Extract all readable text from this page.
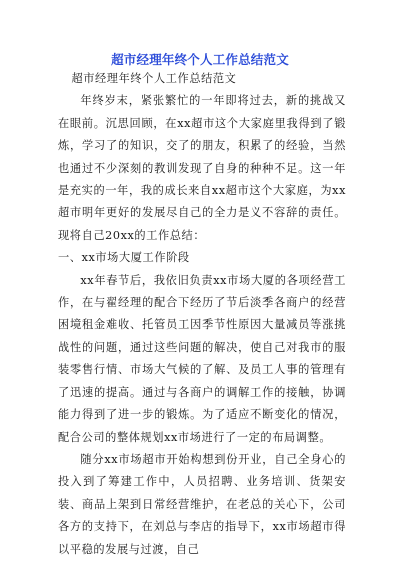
超市经理年终个人工作总结范文

超市经理年终个人工作总结范文

年终岁末，紧张繁忙的一年即将过去，新的挑战又在眼前。沉思回顾，在xx超市这个大家庭里我得到了锻炼，学习了的知识，交了的朋友，积累了的经验，当然也通过不少深刻的教训发现了自身的种种不足。这一年是充实的一年，我的成长来自xx超市这个大家庭，为xx超市明年更好的发展尽自己的全力是义不容辞的责任。现将自己20xx的工作总结：

一、xx市场大厦工作阶段

xx年春节后，我依旧负责xx市场大厦的各项经营工作，在与翟经理的配合下经历了节后淡季各商户的经营困境租金难收、托管员工因季节性原因大量减员等涨挑战性的问题，通过这些问题的解决，使自己对我市的服装零售行情、市场大气候的了解、及员工人事的管理有了迅速的提高。通过与各商户的调解工作的接触，协调能力得到了进一步的锻炼。为了适应不断变化的情况，配合公司的整体规划xx市场进行了一定的布局调整。

随分xx市场超市开始构想到份开业，自己全身心的投入到了筹建工作中，人员招聘、业务培训、货架安装、商品上架到日常经营维护，在老总的关心下，公司各方的支持下，在刘总与李店的指导下，xx市场超市得以平稳的发展与过渡，自己
